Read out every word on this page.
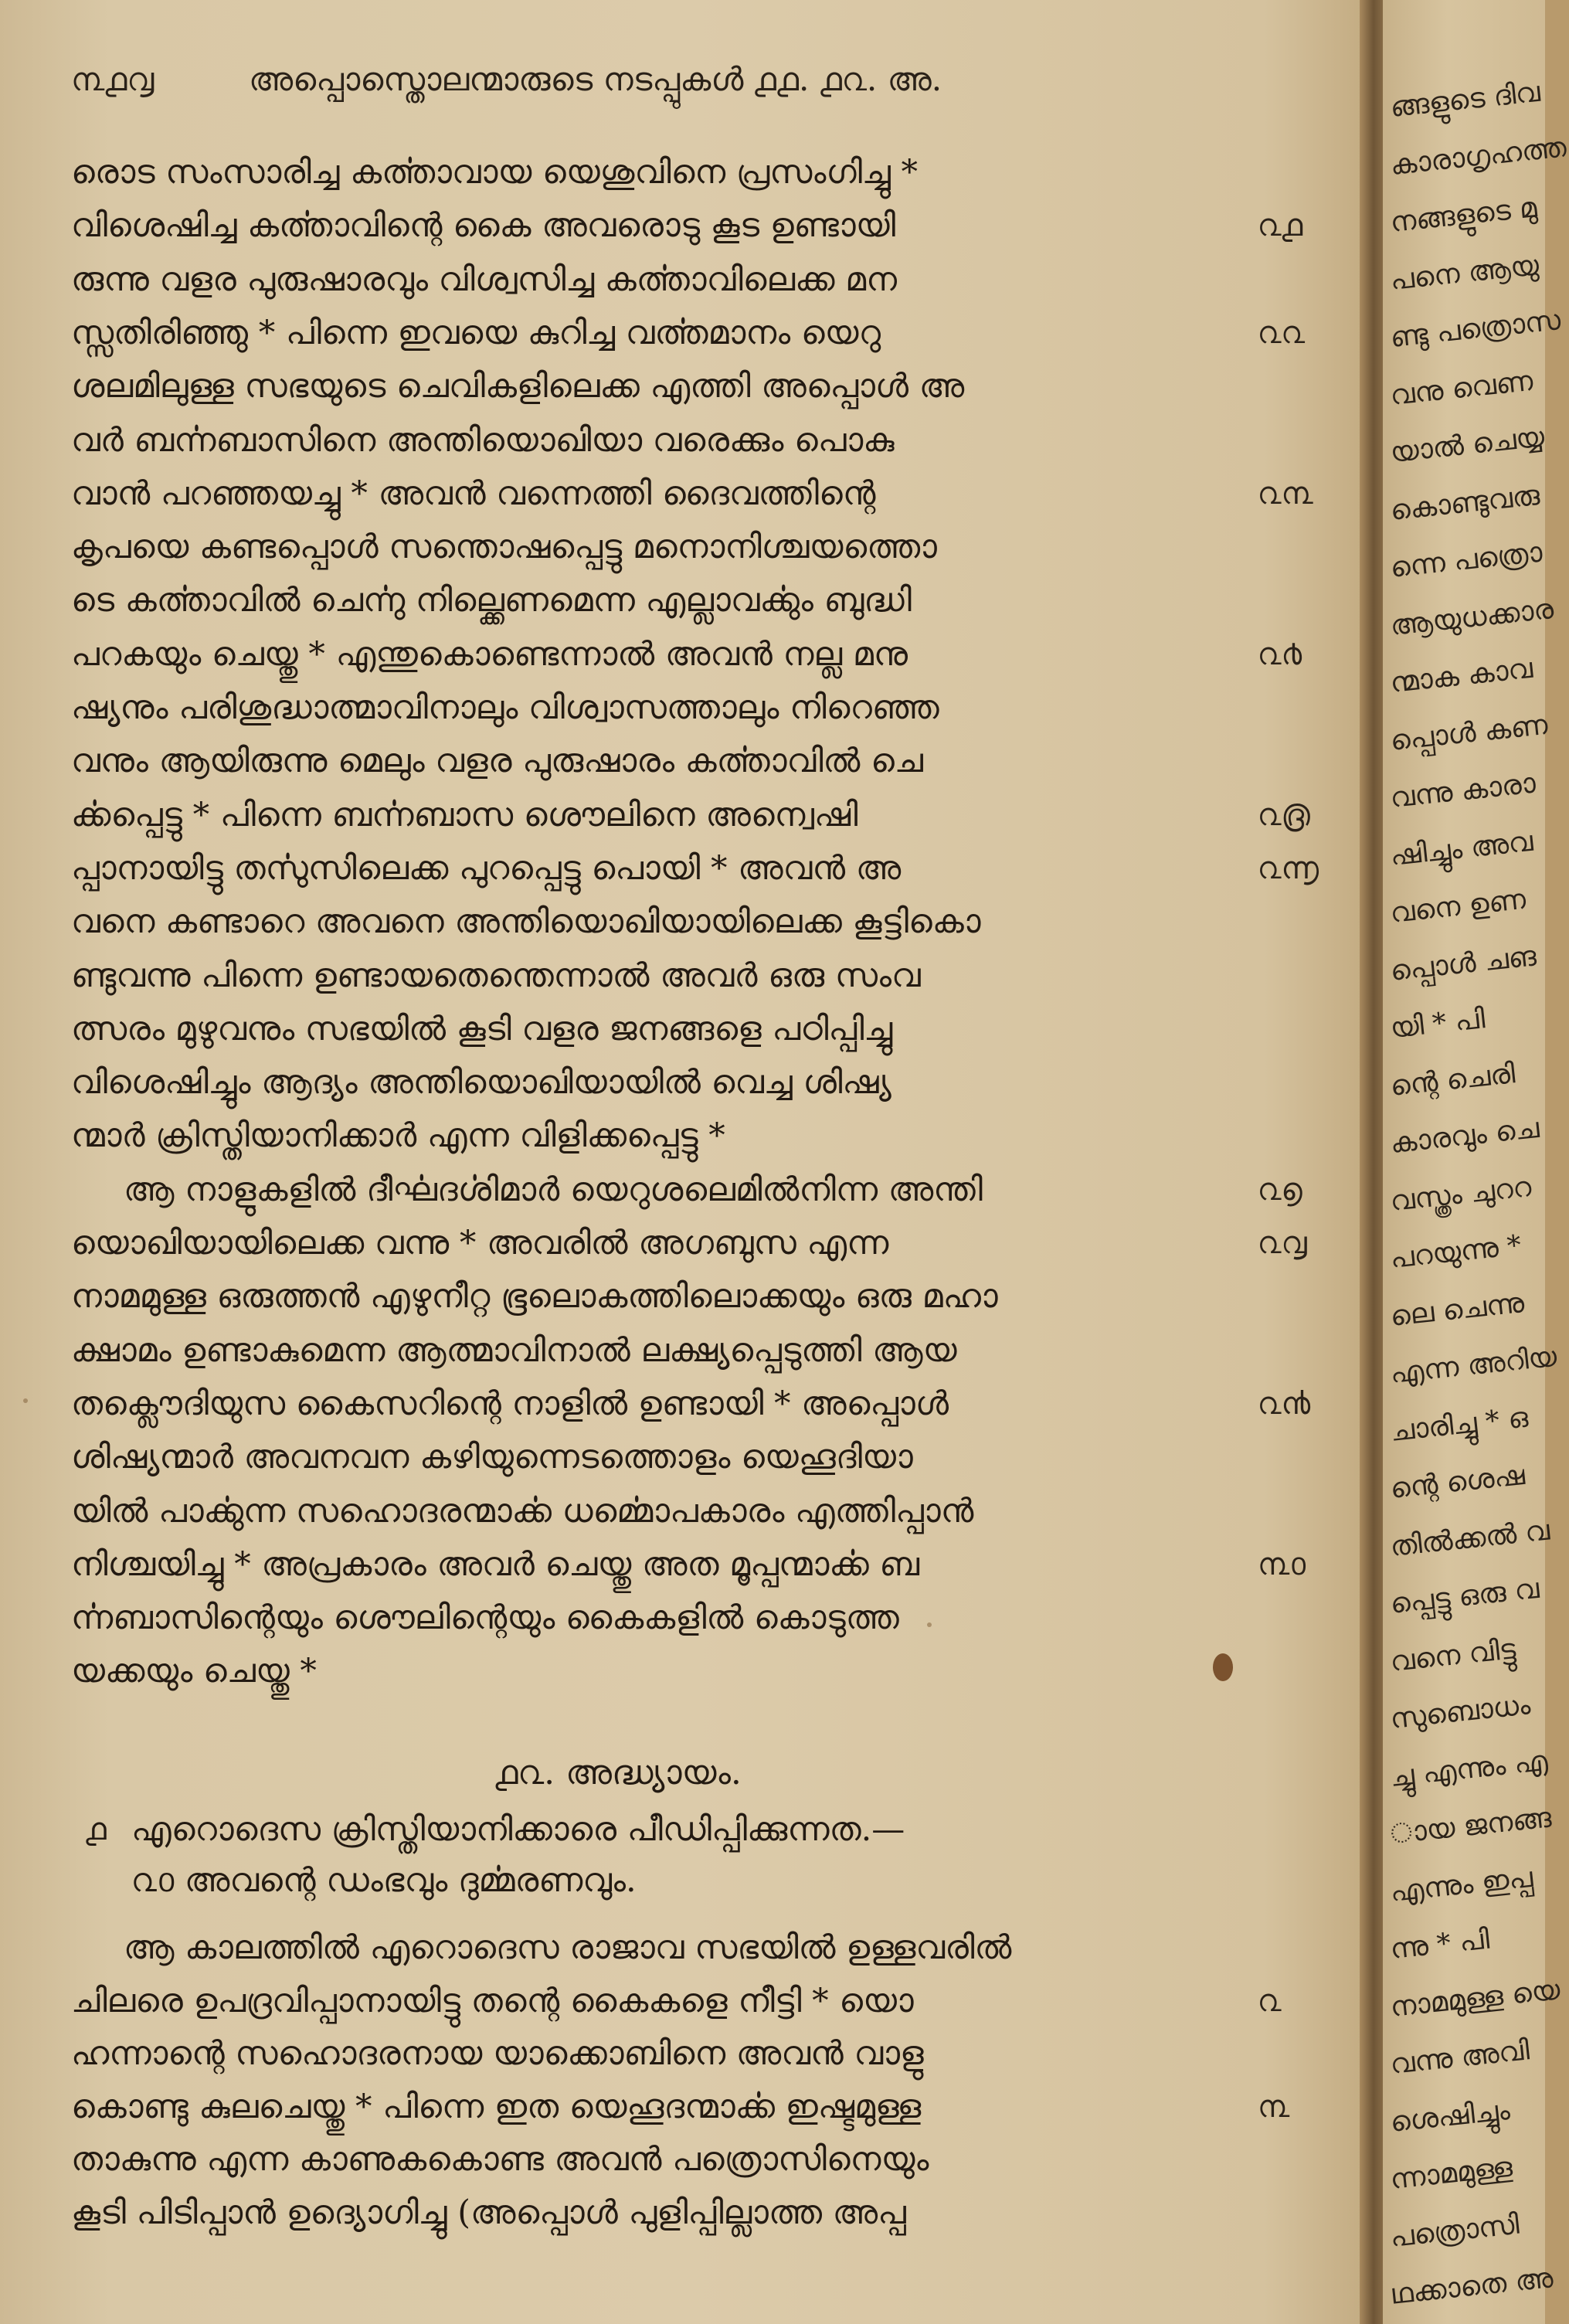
൩൧൮	അപ്പൊസ്തൊലന്മാരുടെ നടപ്പുകൾ ൧൧. ൧൨. അ.
രൊട സംസാരിച്ച കൎത്താവായ യെശുവിനെ പ്രസംഗിച്ചു *
വിശെഷിച്ച കൎത്താവിന്റെ കൈ അവരൊടു കൂട ഉണ്ടായി	൨൧
രുന്നു വളര പുരുഷാരവും വിശ്വസിച്ച കൎത്താവിലെക്ക മന
സ്സതിരിഞ്ഞു * പിന്നെ ഇവയെ കുറിച്ച വൎത്തമാനം യെറു	൨൨
ശലമിലുള്ള സഭയുടെ ചെവികളിലെക്ക എത്തി അപ്പൊൾ അ
വർ ബൎന്നബാസിനെ അന്തിയൊഖിയാ വരെക്കും പൊകു
വാൻ പറഞ്ഞയച്ചു * അവൻ വന്നെത്തി ദൈവത്തിന്റെ	൨൩
കൃപയെ കണ്ടപ്പൊൾ സന്തൊഷപ്പെട്ടു മനൊനിശ്ചയത്തൊ
ടെ കൎത്താവിൽ ചെൎന്നു നില്ക്കെണമെന്ന എല്ലാവൎക്കും ബുദ്ധി
പറകയും ചെയ്തു * എന്തുകൊണ്ടെന്നാൽ അവൻ നല്ല മനു	൨൪
ഷ്യനും പരിശുദ്ധാത്മാവിനാലും വിശ്വാസത്താലും നിറെഞ്ഞ
വനും ആയിരുന്നു മെലും വളര പുരുഷാരം കൎത്താവിൽ ചെ
ൎക്കപ്പെട്ടു * പിന്നെ ബൎന്നബാസ ശൌലിനെ അന്വെഷി	൨൫
പ്പാനായിട്ടു തൎസുസിലെക്ക പുറപ്പെട്ടു പൊയി * അവൻ അ	൨൬
വനെ കണ്ടാറെ അവനെ അന്തിയൊഖിയായിലെക്ക കൂട്ടികൊ
ണ്ടുവന്നു പിന്നെ ഉണ്ടായതെന്തെന്നാൽ അവർ ഒരു സംവ
ത്സരം മുഴുവനും സഭയിൽ കൂടി വളര ജനങ്ങളെ പഠിപ്പിച്ചു
വിശെഷിച്ചും ആദ്യം അന്തിയൊഖിയായിൽ വെച്ച ശിഷ്യ
ന്മാർ ക്രിസ്തിയാനിക്കാർ എന്ന വിളിക്കപ്പെട്ടു *
ആ നാളുകളിൽ ദീൎഘദൎശിമാർ യെറുശലെമിൽനിന്ന അന്തി	൨൭
യൊഖിയായിലെക്ക വന്നു * അവരിൽ അഗബുസ എന്ന	൨൮
നാമമുള്ള ഒരുത്തൻ എഴുനീറ്റ ഭൂലൊകത്തിലൊക്കയും ഒരു മഹാ
ക്ഷാമം ഉണ്ടാകുമെന്ന ആത്മാവിനാൽ ലക്ഷ്യപ്പെടുത്തി ആയ
തക്ലൌദിയുസ കൈസറിന്റെ നാളിൽ ഉണ്ടായി * അപ്പൊൾ	൨൯
ശിഷ്യന്മാർ അവനവന കഴിയുന്നെടത്തൊളം യെഹൂദിയാ
യിൽ പാൎക്കുന്ന സഹൊദരന്മാൎക്ക ധൎമ്മൊപകാരം എത്തിപ്പാൻ
നിശ്ചയിച്ചു * അപ്രകാരം അവർ ചെയ്തു അത മൂപ്പന്മാൎക്ക ബ	൩൦
ൎന്നബാസിന്റെയും ശൌലിന്റെയും കൈകളിൽ കൊടുത്ത
യക്കയും ചെയ്തു *
൧൨. അദ്ധ്യായം.
൧ എറൊദെസ ക്രിസ്തിയാനിക്കാരെ പീഡിപ്പിക്കുന്നത.—
൨൦ അവന്റെ ഡംഭവും ദുൎമ്മരണവും.
ആ കാലത്തിൽ എറൊദെസ രാജാവ സഭയിൽ ഉള്ളവരിൽ
ചിലരെ ഉപദ്രവിപ്പാനായിട്ടു തന്റെ കൈകളെ നീട്ടി * യൊ	൨
ഹന്നാന്റെ സഹൊദരനായ യാക്കൊബിനെ അവൻ വാളു
കൊണ്ടു കുലചെയ്തു * പിന്നെ ഇത യെഹൂദന്മാൎക്ക ഇഷ്ടമുള്ള	൩
താകുന്നു എന്ന കാണുകകൊണ്ട അവൻ പത്രൊസിനെയും
കൂടി പിടിപ്പാൻ ഉദ്യൊഗിച്ചു (അപ്പൊൾ പുളിപ്പില്ലാത്ത അപ്പ
ങ്ങളുടെ ദിവ
കാരാഗൃഹത്ത
നങ്ങളുടെ മു
പനെ ആയു
ണ്ടു പത്രൊസ
വനു വെണ
യാൽ ചെയ്യ
കൊണ്ടുവരു
ന്നെ പത്രൊ
ആയുധക്കാര
ന്മാക കാവ
പ്പൊൾ കണ
വന്നു കാരാ
ഷിച്ചും അവ
വനെ ഉണ
പ്പൊൾ ചങ
യി * പി
ന്റെ ചെരി
കാരവും ചെ
വസ്ത്രം ചുററ
പറയുന്നു *
ലെ ചെന്നു
എന്ന അറിയ
ചാരിച്ചു * ഒ
ന്റെ ശെഷ
തിൽക്കൽ വ
പ്പെട്ടു ഒരു വ
വനെ വിട്ടു
സുബൊധം
ച്ചു എന്നും എ
ായ ജനങ്ങ
എന്നും ഇപ്പ
ന്നു * പി
നാമമുള്ള യെ
വന്നു അവി
ശെഷിച്ചും
ന്നാമമുള്ള
പത്രൊസി
ഥക്കാതെ അ
